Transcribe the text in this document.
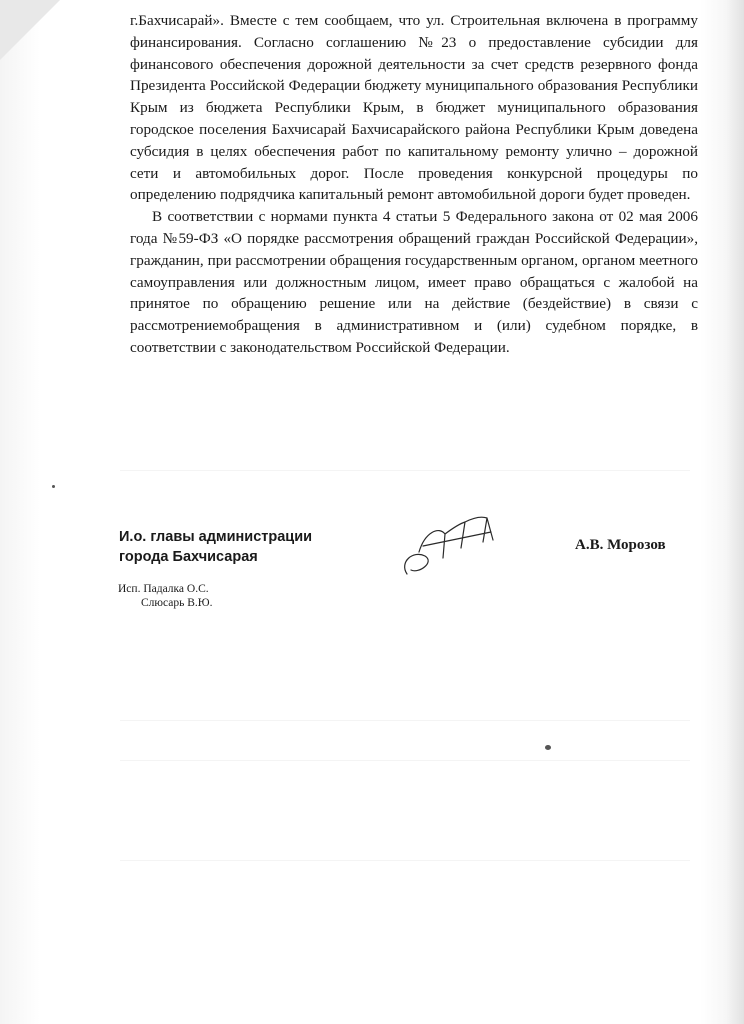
г.Бахчисарай». Вместе с тем сообщаем, что ул. Строительная включена в программу финансирования. Согласно соглашению №23 о предоставление субсидии для финансового обеспечения дорожной деятельности за счет средств резервного фонда Президента Российской Федерации бюджету муниципального образования Республики Крым из бюджета Республики Крым, в бюджет муниципального образования городское поселения Бахчисарай Бахчисарайского района Республики Крым доведена субсидия в целях обеспечения работ по капитальному ремонту улично – дорожной сети и автомобильных дорог. После проведения конкурсной процедуры по определению подрядчика капитальный ремонт автомобильной дороги будет проведен.

В соответствии с нормами пункта 4 статьи 5 Федерального закона от 02 мая 2006 года №59-ФЗ «О порядке рассмотрения обращений граждан Российской Федерации», гражданин, при рассмотрении обращения государственным органом, органом меетного самоуправления или должностным лицом, имеет право обращаться с жалобой на принятое по обращению решение или на действие (бездействие) в связи с рассмотрениемобращения в административном и (или) судебном порядке, в соответствии с законодательством Российской Федерации.

И.о. главы администрации
города Бахчисарая
А.В. Морозов
Исп. Падалка О.С.
Слюсарь В.Ю.
